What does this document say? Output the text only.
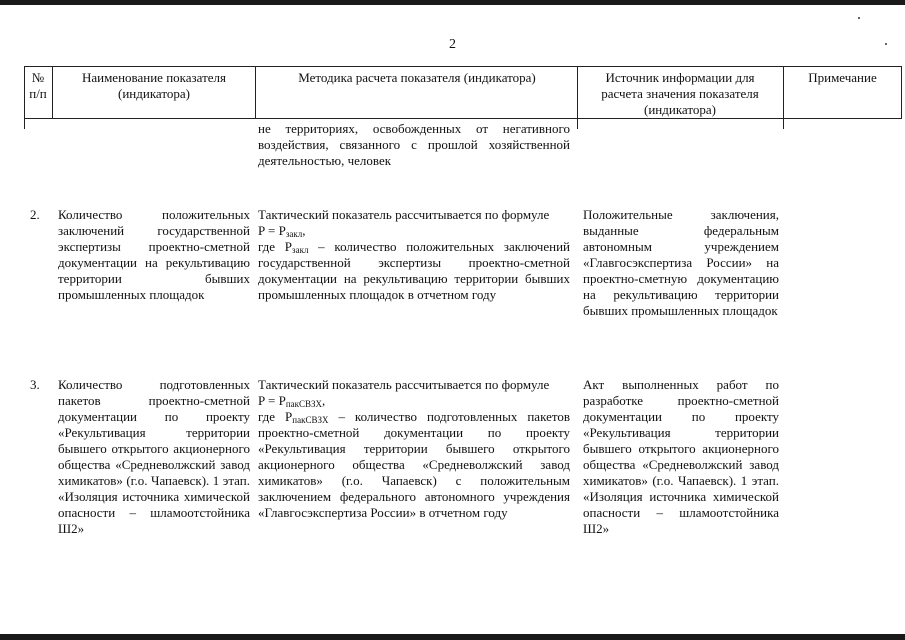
2
№ п/п
Наименование показателя (индикатора)
Методика расчета показателя (индикатора)	Источник информации для расчета значения показателя (индикатора)
Примечание
не территориях, освобожденных от негативного воздействия, связанного с прошлой хозяйственной деятельностью, человек
2. Количество положительных заключений государственной экспертизы проектно-сметной документации на рекультивацию территории бывших промышленных площадок
Тактический показатель рассчитывается по формуле
$P = P_{закл}$,
где $P_{закл}$ – количество положительных заключений государственной экспертизы проектно-сметной документации на рекультивацию территории бывших промышленных площадок в отчетном году
Положительные заключения, выданные федеральным автономным учреждением «Главгосэкспертиза России» на проектно-сметную документацию на рекультивацию территории бывших промышленных площадок
3. Количество подготовленных пакетов проектно-сметной документации по проекту «Рекультивация территории бывшего открытого акционерного общества «Средневолжский завод химикатов» (г.о. Чапаевск). 1 этап. «Изоляция источника химической опасности – шламоотстойника Ш2»
Тактический показатель рассчитывается по формуле
$P = P_{пакСВЗХ}$,
где $P_{пакСВЗХ}$ – количество подготовленных пакетов проектно-сметной документации по проекту «Рекультивация территории бывшего открытого акционерного общества «Средневолжский завод химикатов» (г.о. Чапаевск) с положительным заключением федерального автономного учреждения «Главгосэкспертиза России» в отчетном году
Акт выполненных работ по разработке проектно-сметной документации по проекту «Рекультивация территории бывшего открытого акционерного общества «Средневолжский завод химикатов» (г.о. Чапаевск). 1 этап. «Изоляция источника химической опасности – шламоотстойника Ш2»
